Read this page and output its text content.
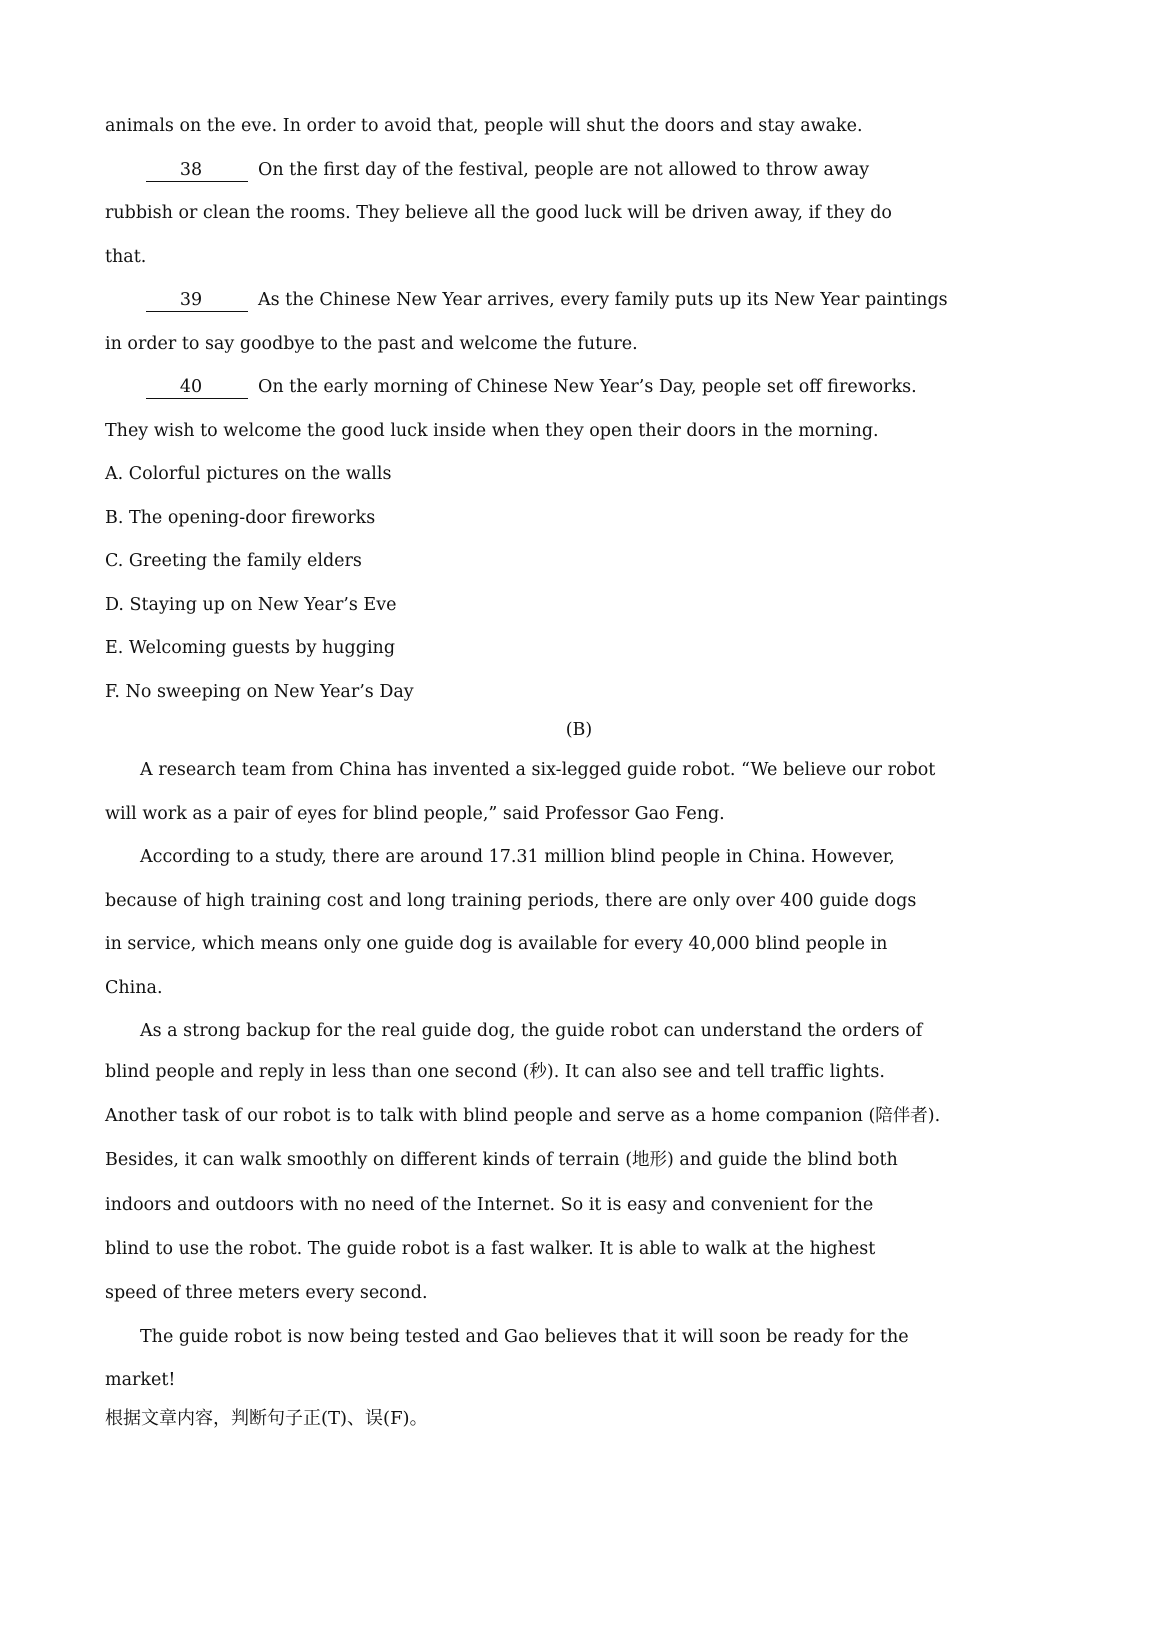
animals on the eve. In order to avoid that, people will shut the doors and stay awake.
38	On the first day of the festival, people are not allowed to throw away
rubbish or clean the rooms. They believe all the good luck will be driven away, if they do
that.
39	As the Chinese New Year arrives, every family puts up its New Year paintings
in order to say goodbye to the past and welcome the future.
40	On the early morning of Chinese New Year’s Day, people set off fireworks.
They wish to welcome the good luck inside when they open their doors in the morning.
A. Colorful pictures on the walls
B. The opening-door fireworks
C. Greeting the family elders
D. Staying up on New Year’s Eve
E. Welcoming guests by hugging
F. No sweeping on New Year’s Day
(B)
A research team from China has invented a six-legged guide robot. “We believe our robot
will work as a pair of eyes for blind people,” said Professor Gao Feng.
According to a study, there are around 17.31 million blind people in China. However,
because of high training cost and long training periods, there are only over 400 guide dogs
in service, which means only one guide dog is available for every 40,000 blind people in
China.
As a strong backup for the real guide dog, the guide robot can understand the orders of
blind people and reply in less than one second (秒). It can also see and tell traffic lights.
Another task of our robot is to talk with blind people and serve as a home companion (陪伴者).
Besides, it can walk smoothly on different kinds of terrain (地形) and guide the blind both
indoors and outdoors with no need of the Internet. So it is easy and convenient for the
blind to use the robot. The guide robot is a fast walker. It is able to walk at the highest
speed of three meters every second.
The guide robot is now being tested and Gao believes that it will soon be ready for the
market!
根据文章内容，判断句子正(T)、误(F)。
